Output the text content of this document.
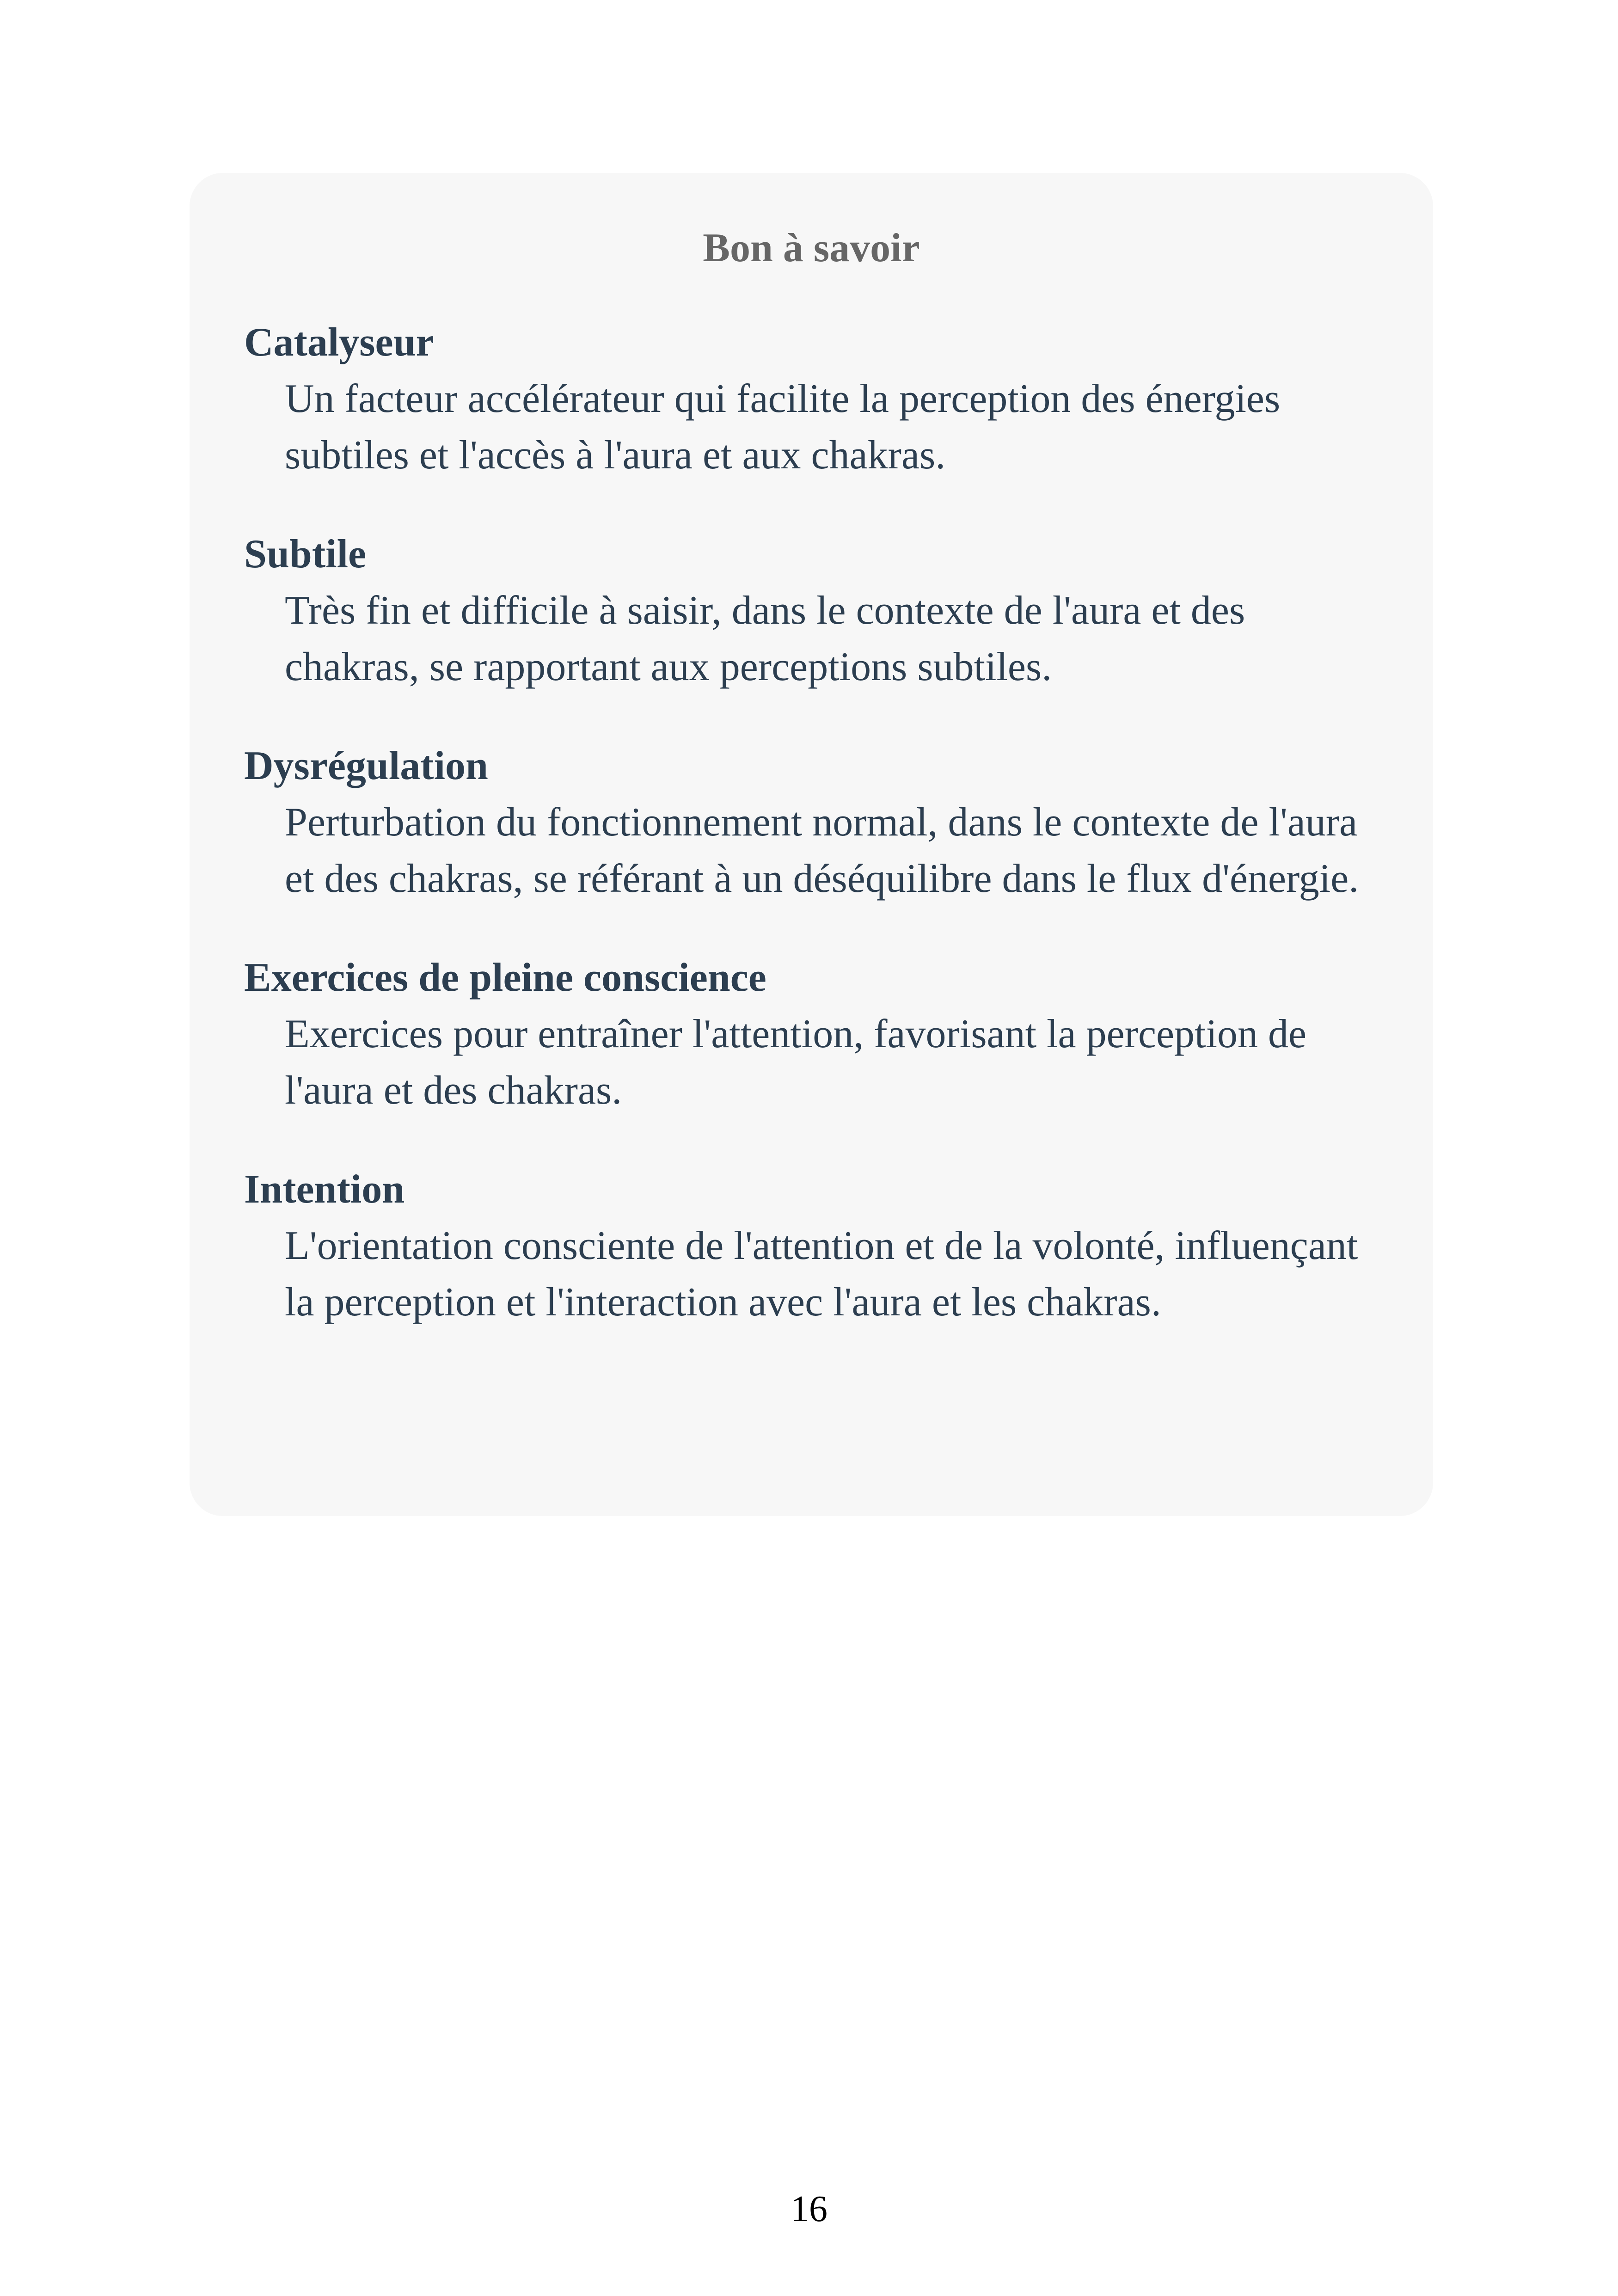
Bon à savoir
Catalyseur
Un facteur accélérateur qui facilite la perception des énergies subtiles et l'accès à l'aura et aux chakras.
Subtile
Très fin et difficile à saisir, dans le contexte de l'aura et des chakras, se rapportant aux perceptions subtiles.
Dysrégulation
Perturbation du fonctionnement normal, dans le contexte de l'aura et des chakras, se référant à un déséquilibre dans le flux d'énergie.
Exercices de pleine conscience
Exercices pour entraîner l'attention, favorisant la perception de l'aura et des chakras.
Intention
L'orientation consciente de l'attention et de la volonté, influençant la perception et l'interaction avec l'aura et les chakras.
16
